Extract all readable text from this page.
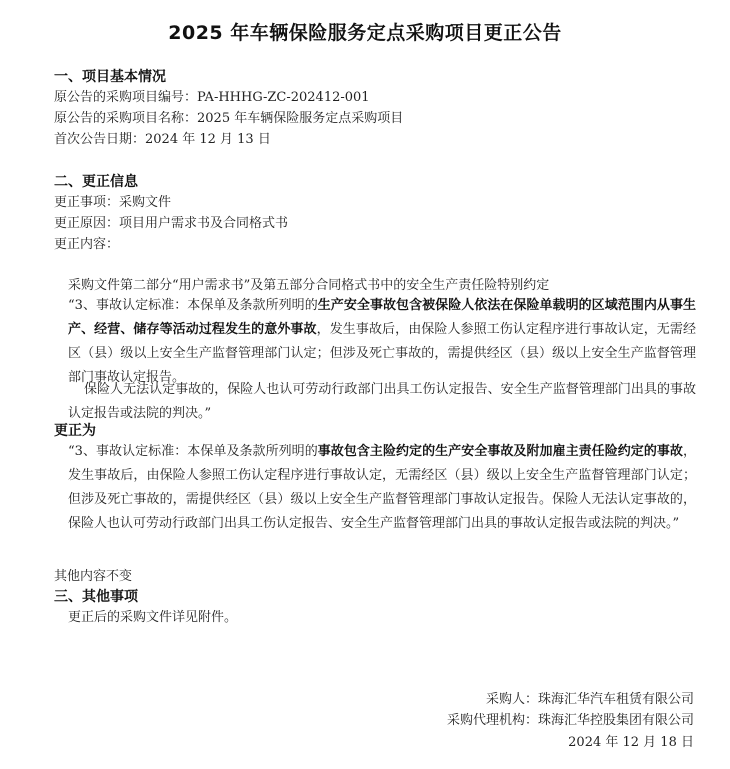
2025 年车辆保险服务定点采购项目更正公告
一、项目基本情况
原公告的采购项目编号：PA-HHHG-ZC-202412-001
原公告的采购项目名称：2025 年车辆保险服务定点采购项目
首次公告日期：2024 年 12 月 13 日
二、更正信息
更正事项：采购文件
更正原因：项目用户需求书及合同格式书
更正内容：
采购文件第二部分“用户需求书”及第五部分合同格式书中的安全生产责任险特别约定
“3、事故认定标准：本保单及条款所列明的生产安全事故包含被保险人依法在保险单载明的区域范围内从事生产、经营、储存等活动过程发生的意外事故，发生事故后，由保险人参照工伤认定程序进行事故认定，无需经区（县）级以上安全生产监督管理部门认定；但涉及死亡事故的，需提供经区（县）级以上安全生产监督管理部门事故认定报告。
保险人无法认定事故的，保险人也认可劳动行政部门出具工伤认定报告、安全生产监督管理部门出具的事故认定报告或法院的判决。”
更正为
“3、事故认定标准：本保单及条款所列明的事故包含主险约定的生产安全事故及附加雇主责任险约定的事故，发生事故后，由保险人参照工伤认定程序进行事故认定，无需经区（县）级以上安全生产监督管理部门认定；但涉及死亡事故的，需提供经区（县）级以上安全生产监督管理部门事故认定报告。保险人无法认定事故的，保险人也认可劳动行政部门出具工伤认定报告、安全生产监督管理部门出具的事故认定报告或法院的判决。”
其他内容不变
三、其他事项
更正后的采购文件详见附件。
采购人：珠海汇华汽车租赁有限公司
采购代理机构：珠海汇华控股集团有限公司
2024 年 12 月 18 日
